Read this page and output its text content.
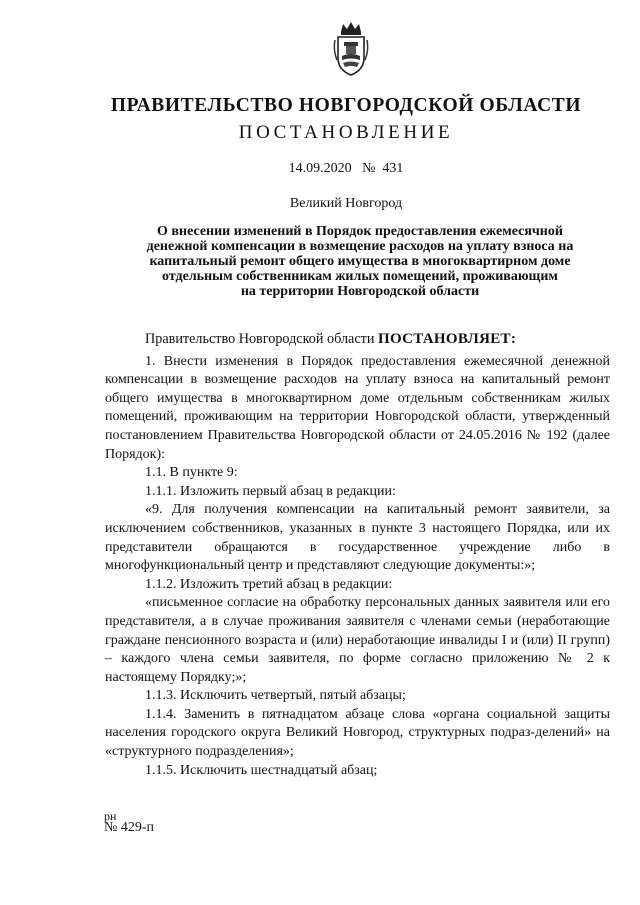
ПРАВИТЕЛЬСТВО НОВГОРОДСКОЙ ОБЛАСТИ
ПОСТАНОВЛЕНИЕ
14.09.2020 № 431
Великий Новгород
О внесении изменений в Порядок предоставления ежемесячной
денежной компенсации в возмещение расходов на уплату взноса на
капитальный ремонт общего имущества в многоквартирном доме
отдельным собственникам жилых помещений, проживающим
на территории Новгородской области

Правительство Новгородской области ПОСТАНОВЛЯЕТ:

1. Внести изменения в Порядок предоставления ежемесячной денежной компенсации в возмещение расходов на уплату взноса на капитальный ремонт общего имущества в многоквартирном доме отдельным собственникам жилых помещений, проживающим на территории Новгородской области, утвержденный постановлением Правительства Новгородской области от 24.05.2016 № 192 (далее Порядок):

1.1. В пункте 9:

1.1.1. Изложить первый абзац в редакции:

«9. Для получения компенсации на капитальный ремонт заявители, за исключением собственников, указанных в пункте 3 настоящего Порядка, или их представители обращаются в государственное учреждение либо в многофункциональный центр и представляют следующие документы:»;

1.1.2. Изложить третий абзац в редакции:

«письменное согласие на обработку персональных данных заявителя или его представителя, а в случае проживания заявителя с членами семьи (неработающие граждане пенсионного возраста и (или) неработающие инвалиды I и (или) II групп) – каждого члена семьи заявителя, по форме согласно приложению № 2 к настоящему Порядку;»;

1.1.3. Исключить четвертый, пятый абзацы;

1.1.4. Заменить в пятнадцатом абзаце слова «органа социальной защиты населения городского округа Великий Новгород, структурных подраз-делений» на «структурного подразделения»;

1.1.5. Исключить шестнадцатый абзац;

рн
№ 429-п
